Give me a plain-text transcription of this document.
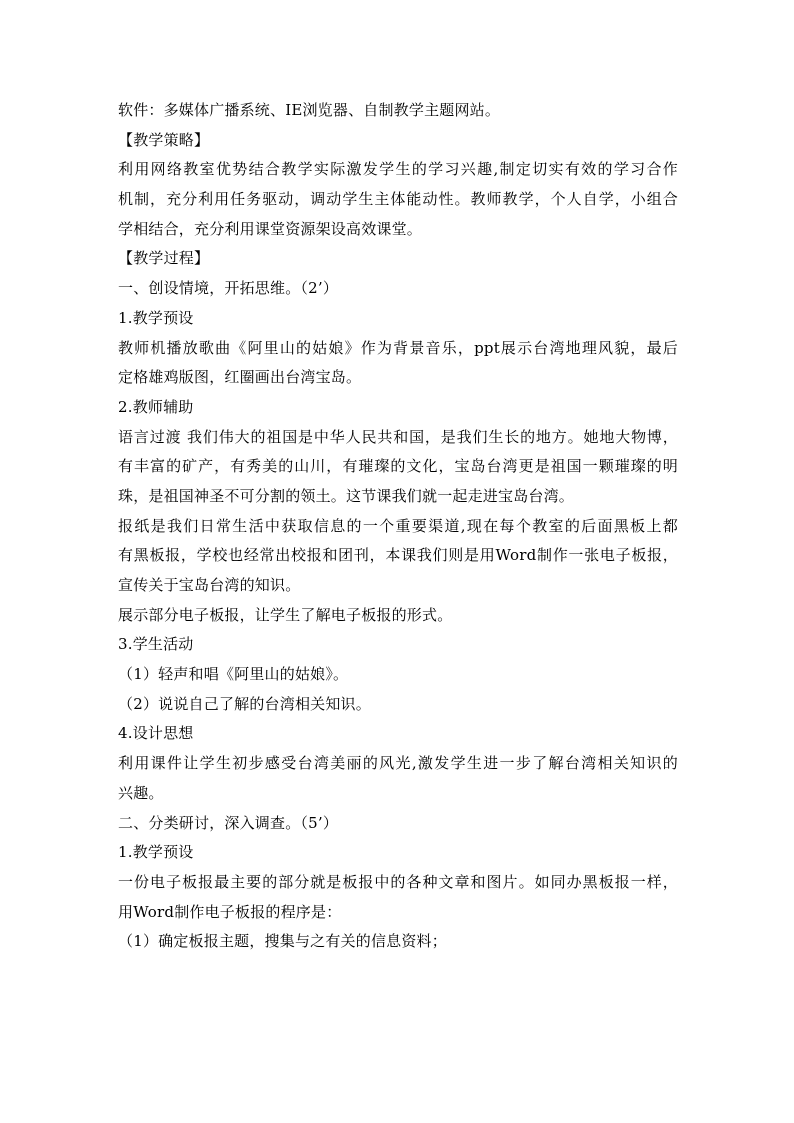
软件：多媒体广播系统、IE浏览器、自制教学主题网站。
【教学策略】
利用网络教室优势结合教学实际激发学生的学习兴趣,制定切实有效的学习合作
机制，充分利用任务驱动，调动学生主体能动性。教师教学，个人自学，小组合
学相结合，充分利用课堂资源架设高效课堂。
【教学过程】
一、创设情境，开拓思维。（2’）
1.教学预设
教师机播放歌曲《阿里山的姑娘》作为背景音乐，ppt展示台湾地理风貌，最后
定格雄鸡版图，红圈画出台湾宝岛。
2.教师辅助
语言过渡 我们伟大的祖国是中华人民共和国，是我们生长的地方。她地大物博，
有丰富的矿产，有秀美的山川，有璀璨的文化，宝岛台湾更是祖国一颗璀璨的明
珠，是祖国神圣不可分割的领土。这节课我们就一起走进宝岛台湾。
报纸是我们日常生活中获取信息的一个重要渠道,现在每个教室的后面黑板上都
有黑板报，学校也经常出校报和团刊，本课我们则是用Word制作一张电子板报，
宣传关于宝岛台湾的知识。
展示部分电子板报，让学生了解电子板报的形式。
3.学生活动
（1）轻声和唱《阿里山的姑娘》。
（2）说说自己了解的台湾相关知识。
4.设计思想
利用课件让学生初步感受台湾美丽的风光,激发学生进一步了解台湾相关知识的
兴趣。
二、分类研讨，深入调查。（5’）
1.教学预设
一份电子板报最主要的部分就是板报中的各种文章和图片。如同办黑板报一样，
用Word制作电子板报的程序是：
（1）确定板报主题，搜集与之有关的信息资料；
